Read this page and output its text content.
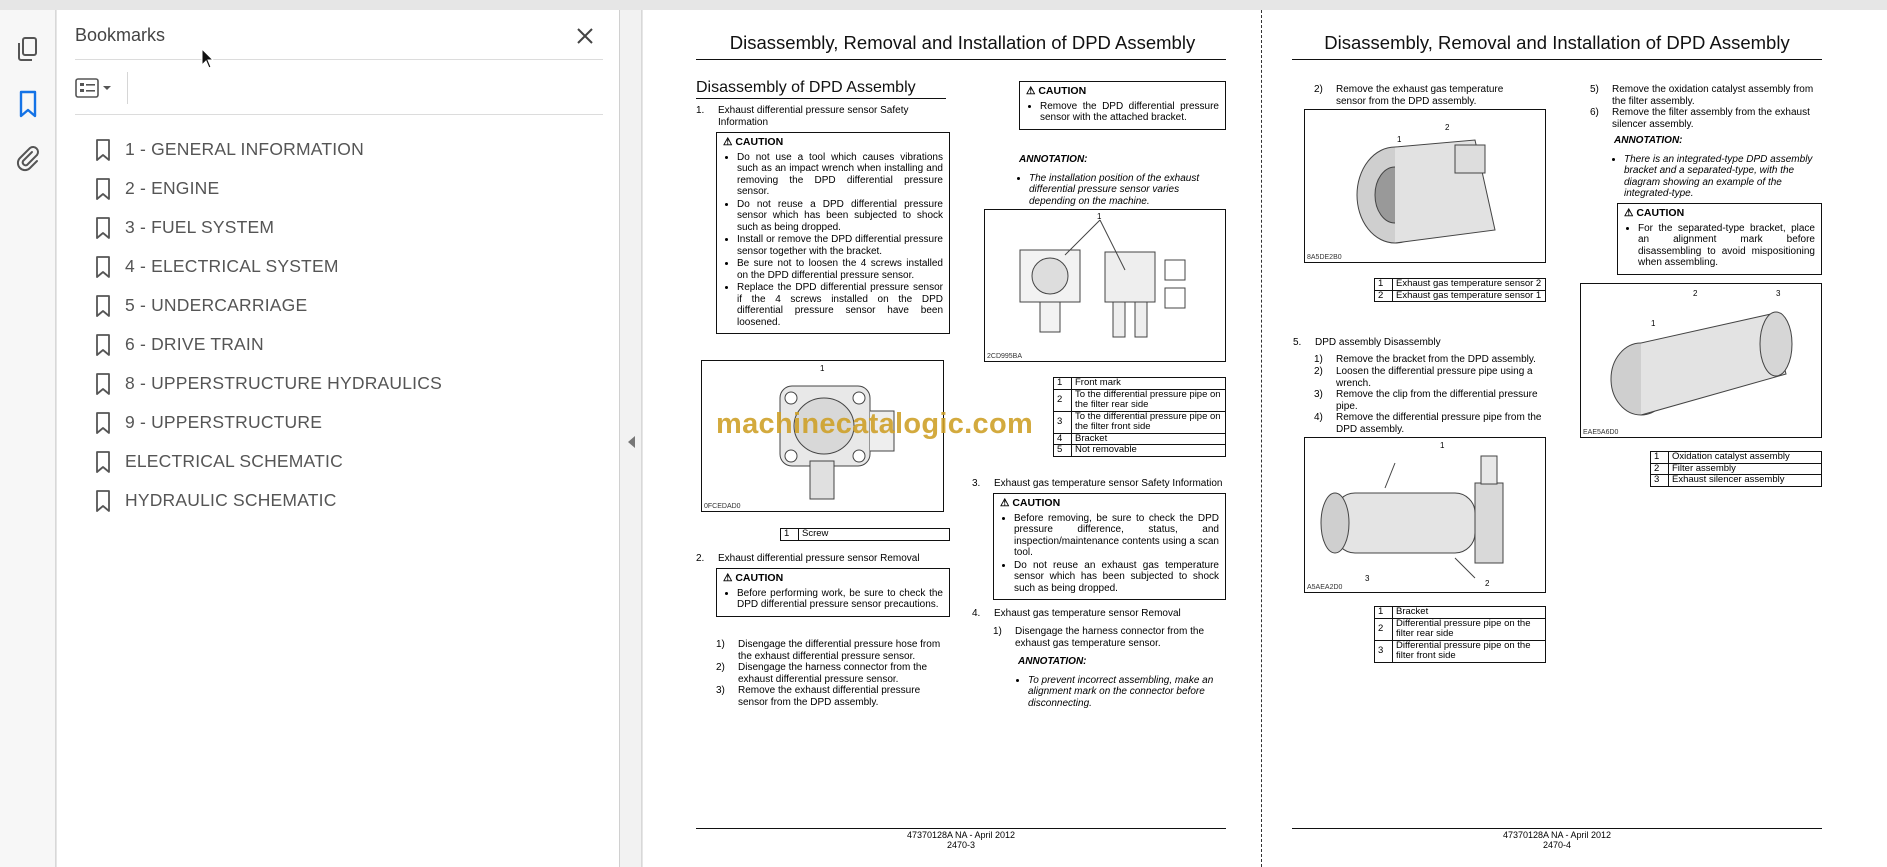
Bookmarks
1 - GENERAL INFORMATION
2 - ENGINE
3 - FUEL SYSTEM
4 - ELECTRICAL SYSTEM
5 - UNDERCARRIAGE
6 - DRIVE TRAIN
8 - UPPERSTRUCTURE HYDRAULICS
9 - UPPERSTRUCTURE
ELECTRICAL SCHEMATIC
HYDRAULIC SCHEMATIC
Disassembly, Removal and Installation of DPD Assembly
Disassembly of DPD Assembly
1. Exhaust differential pressure sensor Safety Information
⚠ CAUTION
• Do not use a tool which causes vibrations such as an impact wrench when installing and removing the DPD differential pressure sensor.
• Do not reuse a DPD differential pressure sensor which has been subjected to shock such as being dropped.
• Install or remove the DPD differential pressure sensor together with the bracket.
• Be sure not to loosen the 4 screws installed on the DPD differential pressure sensor.
• Replace the DPD differential pressure sensor if the 4 screws installed on the DPD differential pressure sensor have been loosened.
1
0FCEDAD0
1	Screw
2. Exhaust differential pressure sensor Removal
⚠ CAUTION
• Before performing work, be sure to check the DPD differential pressure sensor precautions.
1) Disengage the differential pressure hose from the exhaust differential pressure sensor.
2) Disengage the harness connector from the exhaust differential pressure sensor.
3) Remove the exhaust differential pressure sensor from the DPD assembly.
⚠ CAUTION
• Remove the DPD differential pressure sensor with the attached bracket.
ANNOTATION:
• The installation position of the exhaust differential pressure sensor varies depending on the machine.
1
2CD995BA
1	Front mark
2	To the differential pressure pipe on the filter rear side
3	To the differential pressure pipe on the filter front side
4	Bracket
5	Not removable
3. Exhaust gas temperature sensor Safety Information
⚠ CAUTION
• Before removing, be sure to check the DPD pressure difference, status, and inspection/maintenance contents using a scan tool.
• Do not reuse an exhaust gas temperature sensor which has been subjected to shock such as being dropped.
4. Exhaust gas temperature sensor Removal
1) Disengage the harness connector from the exhaust gas temperature sensor.
ANNOTATION:
• To prevent incorrect assembling, make an alignment mark on the connector before disconnecting.
47370128A NA - April 2012
2470-3
Disassembly, Removal and Installation of DPD Assembly
2) Remove the exhaust gas temperature sensor from the DPD assembly.
1
2
8A5DE2B0
1	Exhaust gas temperature sensor 2
2	Exhaust gas temperature sensor 1
5. DPD assembly Disassembly
1) Remove the bracket from the DPD assembly.
2) Loosen the differential pressure pipe using a wrench.
3) Remove the clip from the differential pressure pipe.
4) Remove the differential pressure pipe from the DPD assembly.
1
3
2
A5AEA2D0
1	Bracket
2	Differential pressure pipe on the filter rear side
3	Differential pressure pipe on the filter front side
5) Remove the oxidation catalyst assembly from the filter assembly.
6) Remove the filter assembly from the exhaust silencer assembly.
ANNOTATION:
• There is an integrated-type DPD assembly bracket and a separated-type, with the diagram showing an example of the integrated-type.
⚠ CAUTION
• For the separated-type bracket, place an alignment mark before disassembling to avoid mispositioning when assembling.
1
2	3
EAE5A6D0
1	Oxidation catalyst assembly
2	Filter assembly
3	Exhaust silencer assembly
47370128A NA - April 2012
2470-4
machinecatalogic.com
